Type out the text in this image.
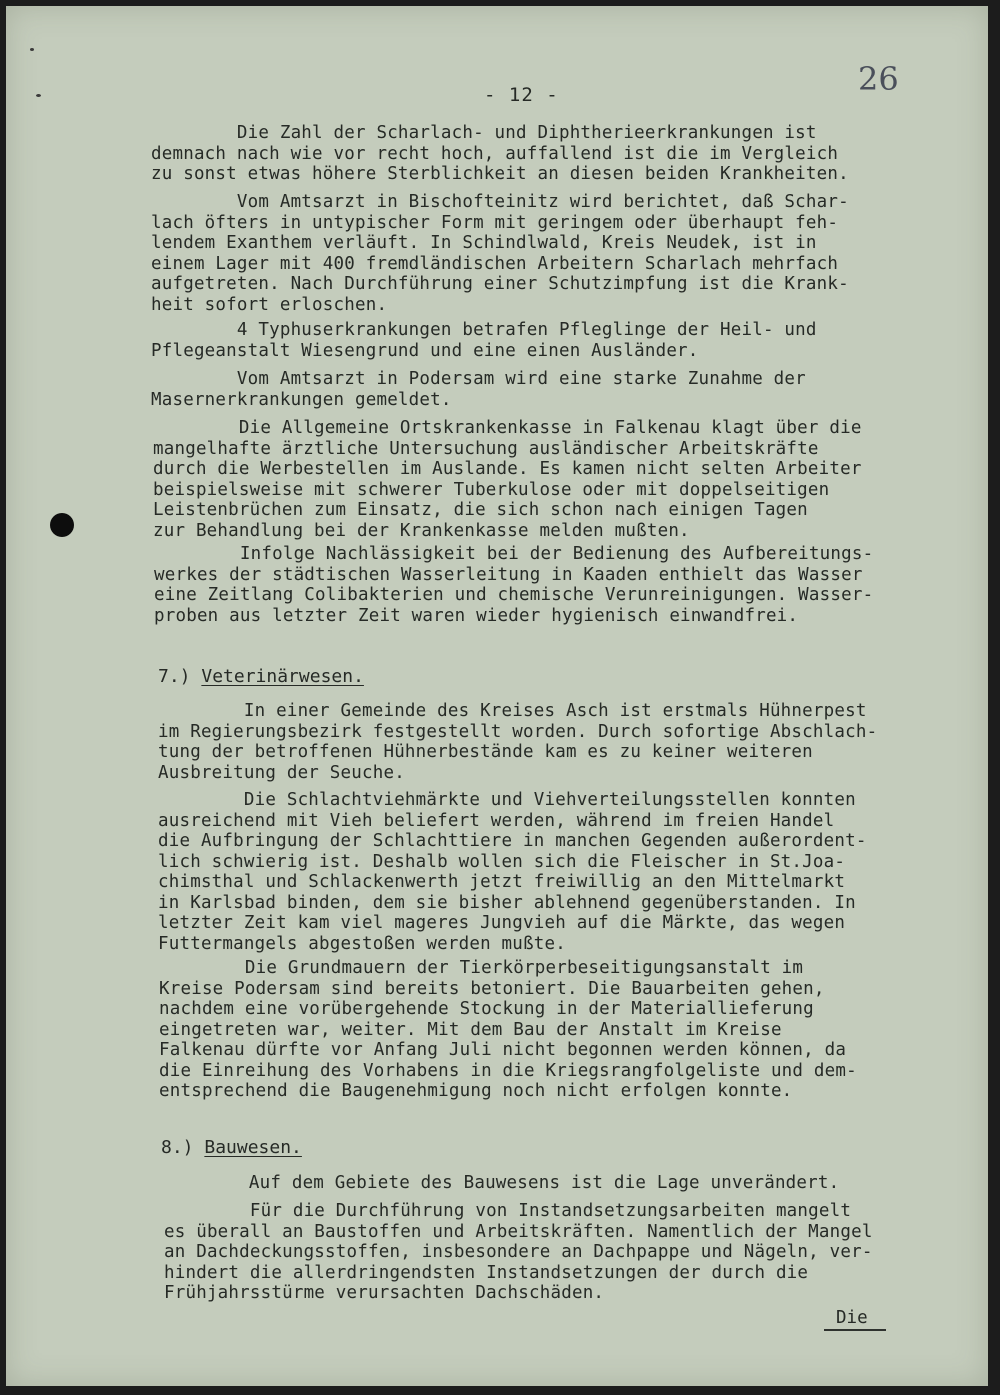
- 12 -	26
Die Zahl der Scharlach- und Diphtherieerkrankungen ist
demnach nach wie vor recht hoch, auffallend ist die im Vergleich
zu sonst etwas höhere Sterblichkeit an diesen beiden Krankheiten.
Vom Amtsarzt in Bischofteinitz wird berichtet, daß Schar-
lach öfters in untypischer Form mit geringem oder überhaupt feh-
lendem Exanthem verläuft. In Schindlwald, Kreis Neudek, ist in
einem Lager mit 400 fremdländischen Arbeitern Scharlach mehrfach
aufgetreten. Nach Durchführung einer Schutzimpfung ist die Krank-
heit sofort erloschen.
4 Typhuserkrankungen betrafen Pfleglinge der Heil- und
Pflegeanstalt Wiesengrund und eine einen Ausländer.
Vom Amtsarzt in Podersam wird eine starke Zunahme der
Masernerkrankungen gemeldet.
Die Allgemeine Ortskrankenkasse in Falkenau klagt über die
mangelhafte ärztliche Untersuchung ausländischer Arbeitskräfte
durch die Werbestellen im Auslande. Es kamen nicht selten Arbeiter
beispielsweise mit schwerer Tuberkulose oder mit doppelseitigen
Leistenbrüchen zum Einsatz, die sich schon nach einigen Tagen
zur Behandlung bei der Krankenkasse melden mußten.
Infolge Nachlässigkeit bei der Bedienung des Aufbereitungs-
werkes der städtischen Wasserleitung in Kaaden enthielt das Wasser
eine Zeitlang Colibakterien und chemische Verunreinigungen. Wasser-
proben aus letzter Zeit waren wieder hygienisch einwandfrei.
7.) Veterinärwesen.
In einer Gemeinde des Kreises Asch ist erstmals Hühnerpest
im Regierungsbezirk festgestellt worden. Durch sofortige Abschlach-
tung der betroffenen Hühnerbestände kam es zu keiner weiteren
Ausbreitung der Seuche.
Die Schlachtviehmärkte und Viehverteilungsstellen konnten
ausreichend mit Vieh beliefert werden, während im freien Handel
die Aufbringung der Schlachttiere in manchen Gegenden außerordent-
lich schwierig ist. Deshalb wollen sich die Fleischer in St.Joa-
chimsthal und Schlackenwerth jetzt freiwillig an den Mittelmarkt
in Karlsbad binden, dem sie bisher ablehnend gegenüberstanden. In
letzter Zeit kam viel mageres Jungvieh auf die Märkte, das wegen
Futtermangels abgestoßen werden mußte.
Die Grundmauern der Tierkörperbeseitigungsanstalt im
Kreise Podersam sind bereits betoniert. Die Bauarbeiten gehen,
nachdem eine vorübergehende Stockung in der Materiallieferung
eingetreten war, weiter. Mit dem Bau der Anstalt im Kreise
Falkenau dürfte vor Anfang Juli nicht begonnen werden können, da
die Einreihung des Vorhabens in die Kriegsrangfolgeliste und dem-
entsprechend die Baugenehmigung noch nicht erfolgen konnte.
8.) Bauwesen.
Auf dem Gebiete des Bauwesens ist die Lage unverändert.
Für die Durchführung von Instandsetzungsarbeiten mangelt
es überall an Baustoffen und Arbeitskräften. Namentlich der Mangel
an Dachdeckungsstoffen, insbesondere an Dachpappe und Nägeln, ver-
hindert die allerdringendsten Instandsetzungen der durch die
Frühjahrsstürme verursachten Dachschäden.
Die
